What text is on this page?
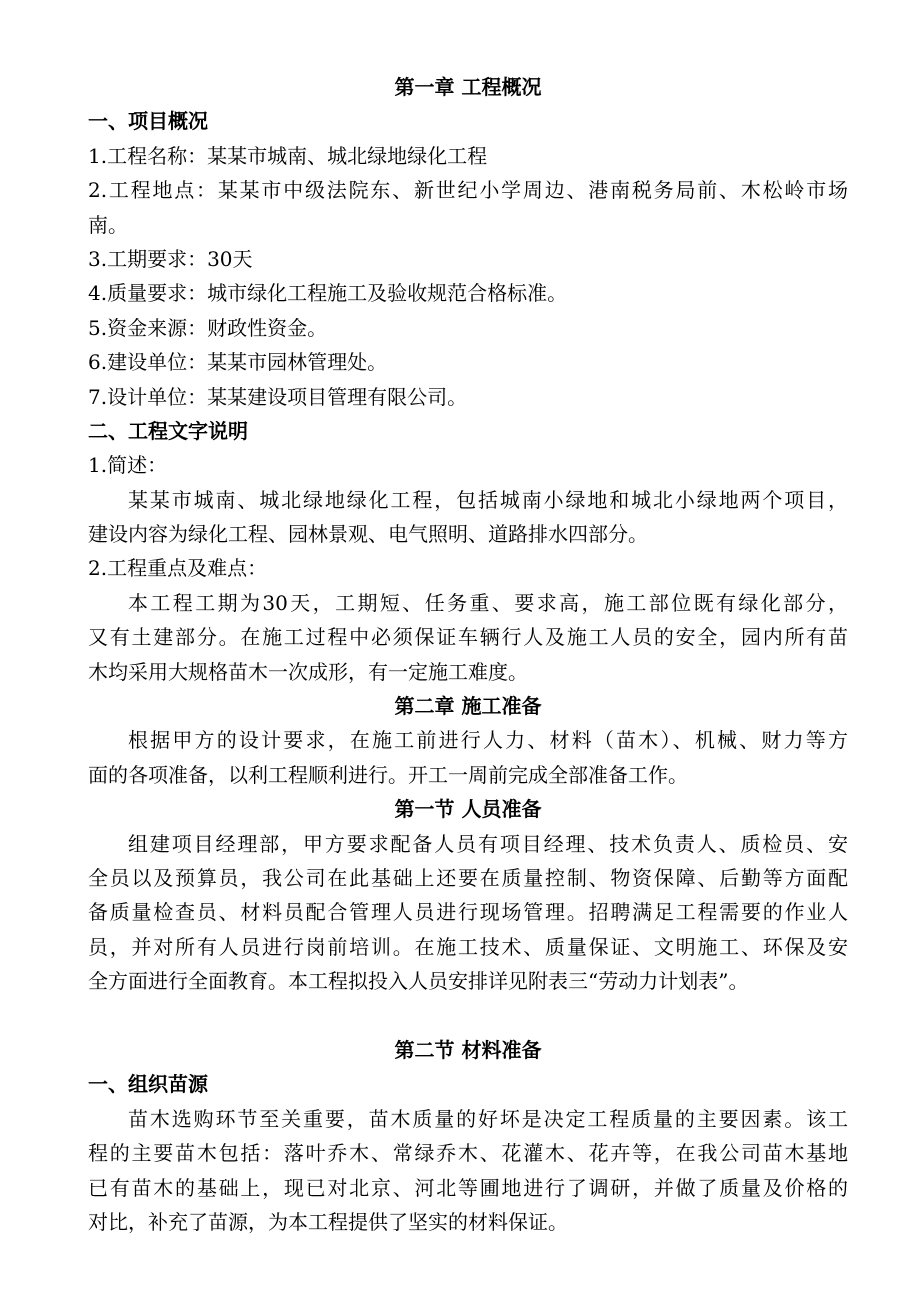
第一章 工程概况
一、项目概况
1.工程名称：某某市城南、城北绿地绿化工程
2.工程地点：某某市中级法院东、新世纪小学周边、港南税务局前、木松岭市场
南。
3.工期要求：30天
4.质量要求：城市绿化工程施工及验收规范合格标准。
5.资金来源：财政性资金。
6.建设单位：某某市园林管理处。
7.设计单位：某某建设项目管理有限公司。
二、工程文字说明
1.简述：
某某市城南、城北绿地绿化工程，包括城南小绿地和城北小绿地两个项目，
建设内容为绿化工程、园林景观、电气照明、道路排水四部分。
2.工程重点及难点：
本工程工期为30天，工期短、任务重、要求高，施工部位既有绿化部分，
又有土建部分。在施工过程中必须保证车辆行人及施工人员的安全，园内所有苗
木均采用大规格苗木一次成形，有一定施工难度。
第二章 施工准备
根据甲方的设计要求，在施工前进行人力、材料（苗木）、机械、财力等方
面的各项准备，以利工程顺利进行。开工一周前完成全部准备工作。
第一节 人员准备
组建项目经理部，甲方要求配备人员有项目经理、技术负责人、质检员、安
全员以及预算员，我公司在此基础上还要在质量控制、物资保障、后勤等方面配
备质量检查员、材料员配合管理人员进行现场管理。招聘满足工程需要的作业人
员，并对所有人员进行岗前培训。在施工技术、质量保证、文明施工、环保及安
全方面进行全面教育。本工程拟投入人员安排详见附表三“劳动力计划表”。
第二节 材料准备
一、组织苗源
苗木选购环节至关重要，苗木质量的好坏是决定工程质量的主要因素。该工
程的主要苗木包括：落叶乔木、常绿乔木、花灌木、花卉等，在我公司苗木基地
已有苗木的基础上，现已对北京、河北等圃地进行了调研，并做了质量及价格的
对比，补充了苗源，为本工程提供了坚实的材料保证。
